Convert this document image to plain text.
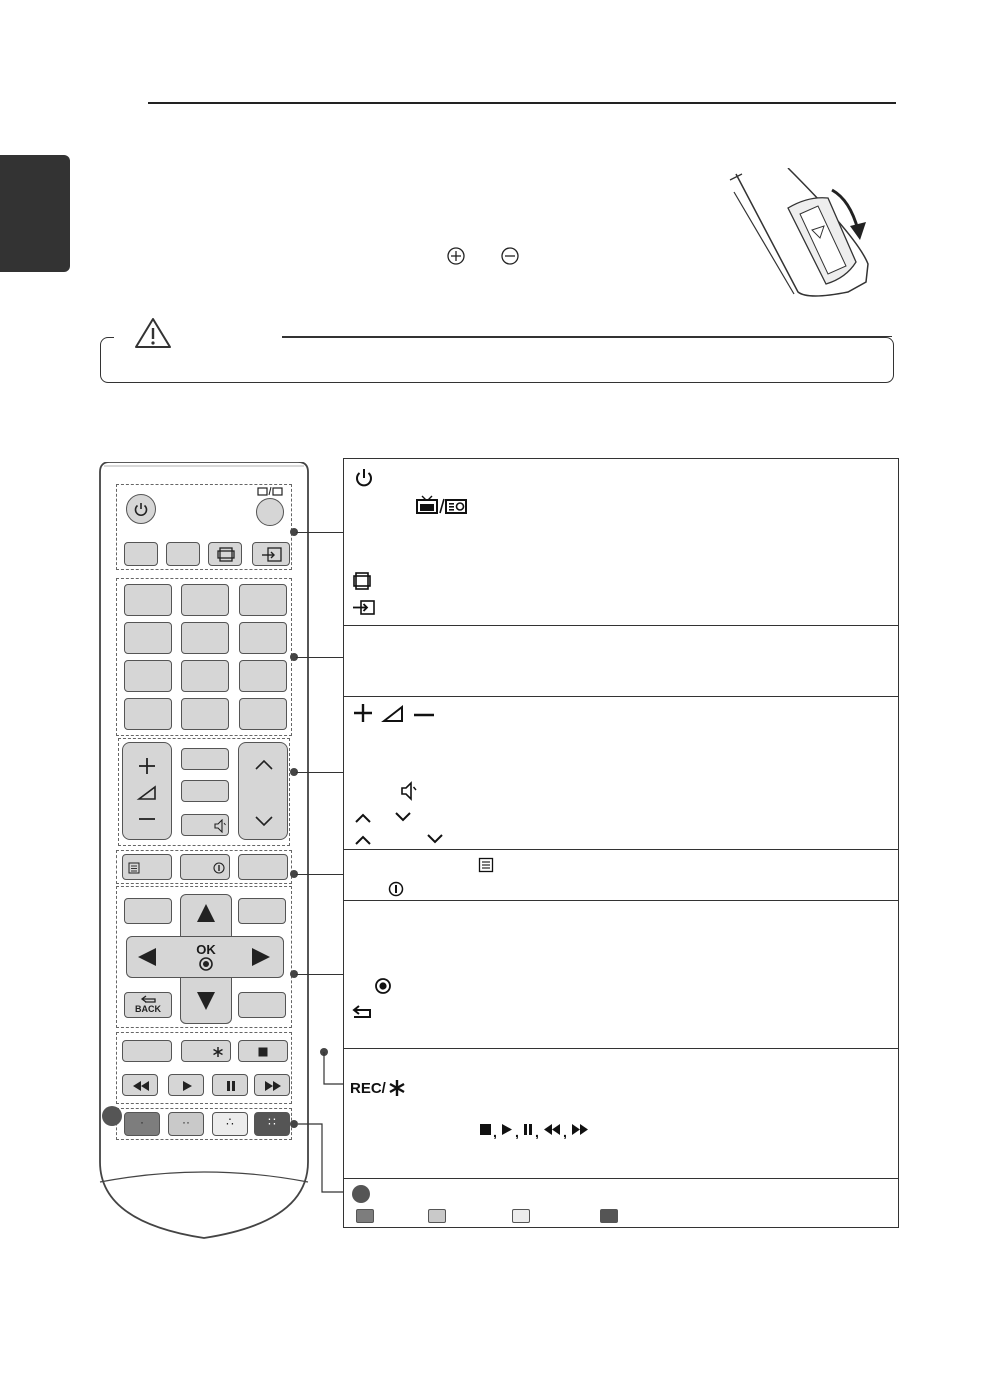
BACK
OK
·	··	∴	∷
REC/
, , , ,
